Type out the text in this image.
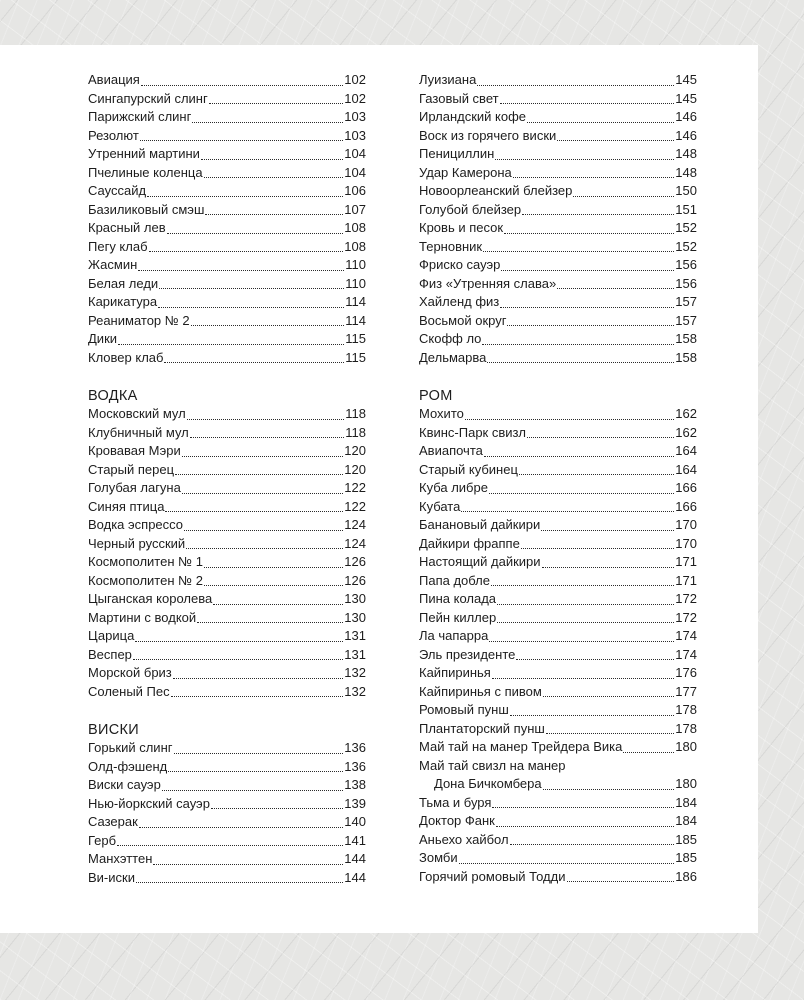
Авиация	102
Сингапурский слинг	102
Парижский слинг	103
Резолют	103
Утренний мартини	104
Пчелиные коленца	104
Сауссайд	106
Базиликовый смэш	107
Красный лев	108
Пегу клаб	108
Жасмин	110
Белая леди	110
Карикатура	114
Реаниматор № 2	114
Дики	115
Кловер клаб	115
ВОДКА
Московский мул	118
Клубничный мул	118
Кровавая Мэри	120
Старый перец	120
Голубая лагуна	122
Синяя птица	122
Водка эспрессо	124
Черный русский	124
Космополитен № 1	126
Космополитен № 2	126
Цыганская королева	130
Мартини с водкой	130
Царица	131
Веспер	131
Морской бриз	132
Соленый Пес	132
ВИСКИ
Горький слинг	136
Олд-фэшенд	136
Виски сауэр	138
Нью-йоркский сауэр	139
Сазерак	140
Герб	141
Манхэттен	144
Ви-иски	144
Луизиана	145
Газовый свет	145
Ирландский кофе	146
Воск из горячего виски	146
Пенициллин	148
Удар Камерона	148
Новоорлеанский блейзер	150
Голубой блейзер	151
Кровь и песок	152
Терновник	152
Фриско сауэр	156
Физ «Утренняя слава»	156
Хайленд физ	157
Восьмой округ	157
Скофф ло	158
Дельмарва	158
РОМ
Мохито	162
Квинс-Парк свизл	162
Авиапочта	164
Старый кубинец	164
Куба либре	166
Кубата	166
Банановый дайкири	170
Дайкири фраппе	170
Настоящий дайкири	171
Папа добле	171
Пина колада	172
Пейн киллер	172
Ла чапарра	174
Эль президенте	174
Кайпиринья	176
Кайпиринья с пивом	177
Ромовый пунш	178
Плантаторский пунш	178
Май тай на манер Трейдера Вика	180
Май тай свизл на манер
Дона Бичкомбера	180
Тьма и буря	184
Доктор Фанк	184
Аньехо хайбол	185
Зомби	185
Горячий ромовый Тодди	186
